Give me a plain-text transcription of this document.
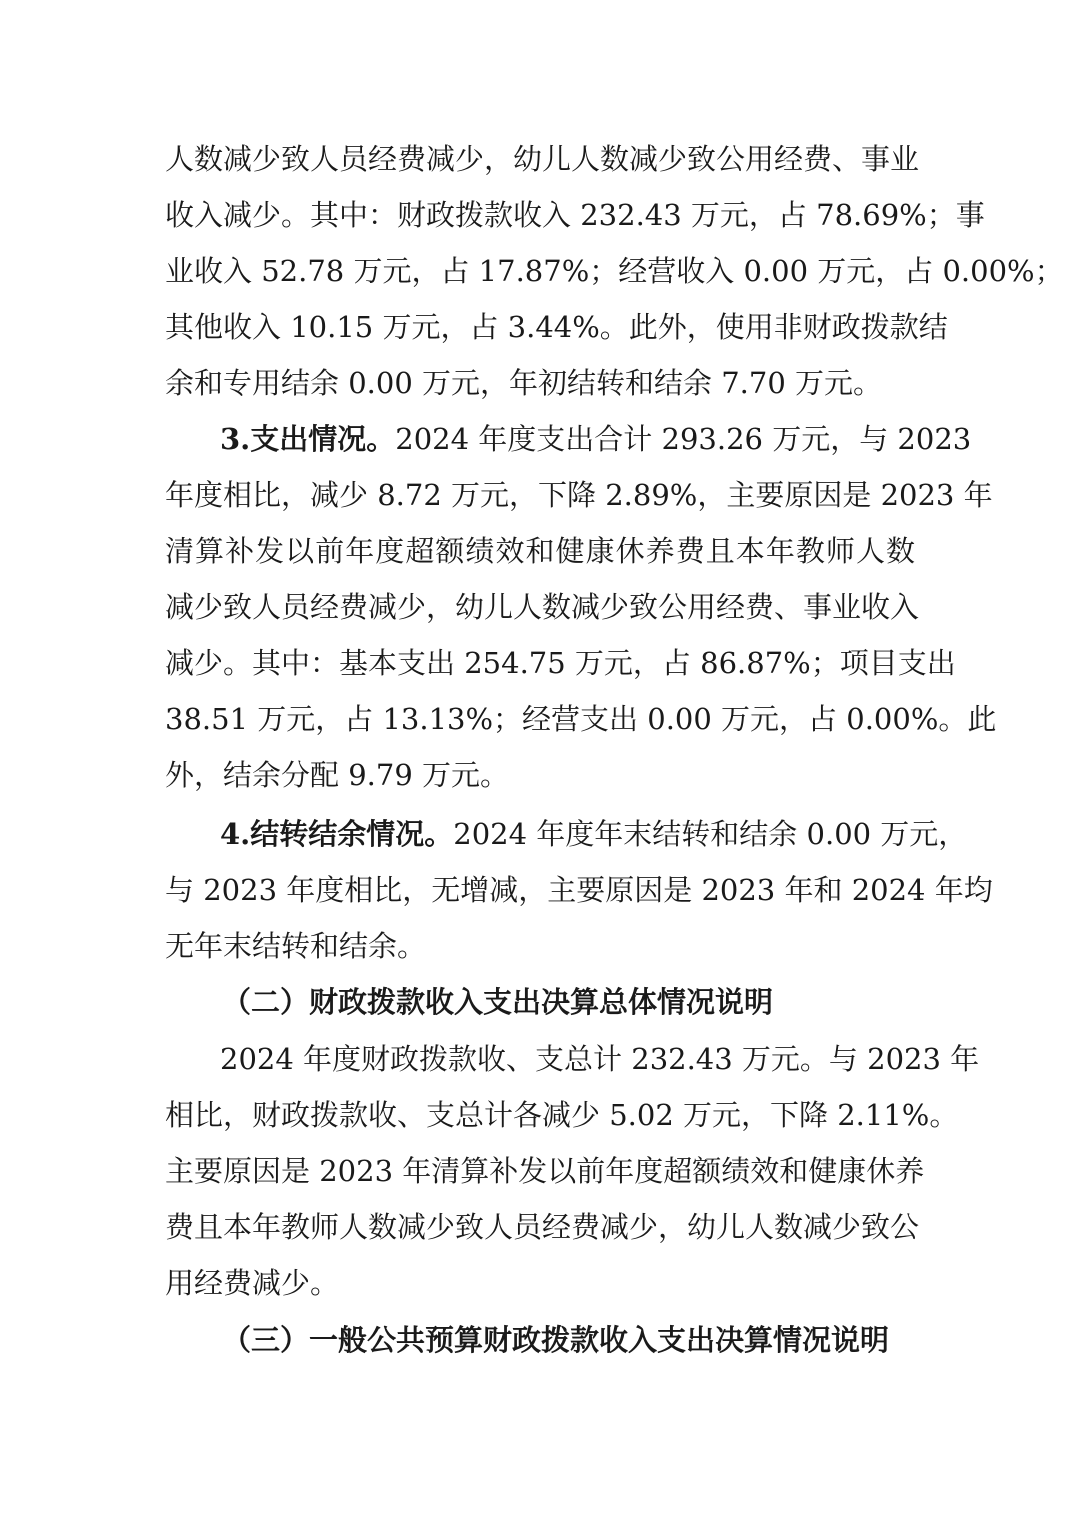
人数减少致人员经费减少，幼儿人数减少致公用经费、事业
收入减少。其中：财政拨款收入 232.43 万元，占 78.69%；事
业收入 52.78 万元，占 17.87%；经营收入 0.00 万元，占 0.00%；
其他收入 10.15 万元，占 3.44%。此外，使用非财政拨款结
余和专用结余 0.00 万元，年初结转和结余 7.70 万元。
3.支出情况。2024 年度支出合计 293.26 万元，与 2023
年度相比，减少 8.72 万元，下降 2.89%，主要原因是 2023 年
清算补发以前年度超额绩效和健康休养费且本年教师人数
减少致人员经费减少，幼儿人数减少致公用经费、事业收入
减少。其中：基本支出 254.75 万元，占 86.87%；项目支出
38.51 万元，占 13.13%；经营支出 0.00 万元，占 0.00%。此
外，结余分配 9.79 万元。
4.结转结余情况。2024 年度年末结转和结余 0.00 万元，
与 2023 年度相比，无增减，主要原因是 2023 年和 2024 年均
无年末结转和结余。
（二）财政拨款收入支出决算总体情况说明
2024 年度财政拨款收、支总计 232.43 万元。与 2023 年
相比，财政拨款收、支总计各减少 5.02 万元，下降 2.11%。
主要原因是 2023 年清算补发以前年度超额绩效和健康休养
费且本年教师人数减少致人员经费减少，幼儿人数减少致公
用经费减少。
（三）一般公共预算财政拨款收入支出决算情况说明
